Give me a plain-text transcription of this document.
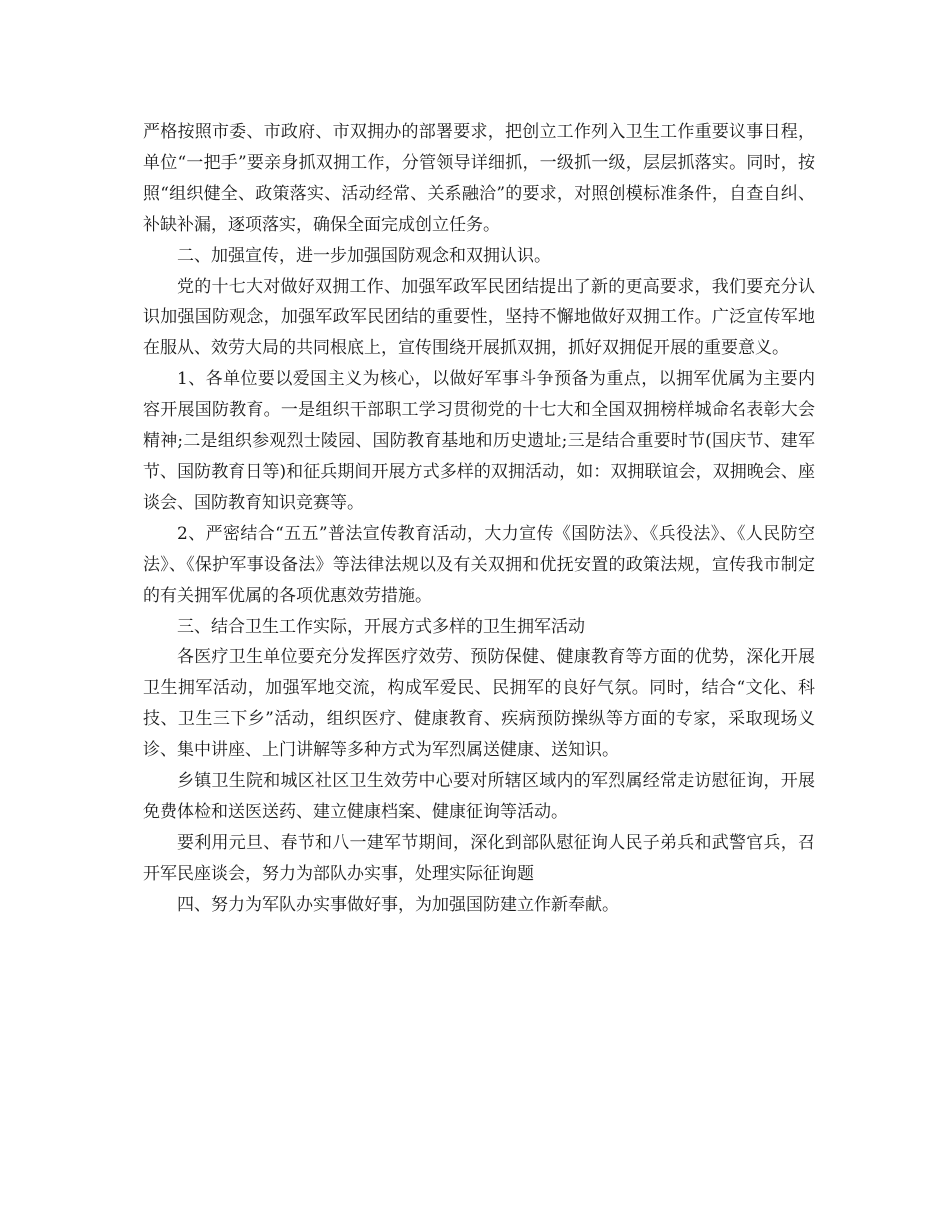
严格按照市委、市政府、市双拥办的部署要求，把创立工作列入卫生工作重要议事日程，单位“一把手”要亲身抓双拥工作，分管领导详细抓，一级抓一级，层层抓落实。同时，按照“组织健全、政策落实、活动经常、关系融洽”的要求，对照创模标准条件，自查自纠、补缺补漏，逐项落实，确保全面完成创立任务。

二、加强宣传，进一步加强国防观念和双拥认识。

党的十七大对做好双拥工作、加强军政军民团结提出了新的更高要求，我们要充分认识加强国防观念，加强军政军民团结的重要性，坚持不懈地做好双拥工作。广泛宣传军地在服从、效劳大局的共同根底上，宣传围绕开展抓双拥，抓好双拥促开展的重要意义。

1、各单位要以爱国主义为核心，以做好军事斗争预备为重点，以拥军优属为主要内容开展国防教育。一是组织干部职工学习贯彻党的十七大和全国双拥榜样城命名表彰大会精神;二是组织参观烈士陵园、国防教育基地和历史遗址;三是结合重要时节(国庆节、建军节、国防教育日等)和征兵期间开展方式多样的双拥活动，如：双拥联谊会，双拥晚会、座谈会、国防教育知识竞赛等。

2、严密结合“五五”普法宣传教育活动，大力宣传《国防法》、《兵役法》、《人民防空法》、《保护军事设备法》等法律法规以及有关双拥和优抚安置的政策法规，宣传我市制定的有关拥军优属的各项优惠效劳措施。

三、结合卫生工作实际，开展方式多样的卫生拥军活动

各医疗卫生单位要充分发挥医疗效劳、预防保健、健康教育等方面的优势，深化开展卫生拥军活动，加强军地交流，构成军爱民、民拥军的良好气氛。同时，结合“文化、科技、卫生三下乡”活动，组织医疗、健康教育、疾病预防操纵等方面的专家，采取现场义诊、集中讲座、上门讲解等多种方式为军烈属送健康、送知识。

乡镇卫生院和城区社区卫生效劳中心要对所辖区域内的军烈属经常走访慰征询，开展免费体检和送医送药、建立健康档案、健康征询等活动。

要利用元旦、春节和八一建军节期间，深化到部队慰征询人民子弟兵和武警官兵，召开军民座谈会，努力为部队办实事，处理实际征询题

四、努力为军队办实事做好事，为加强国防建立作新奉献。
